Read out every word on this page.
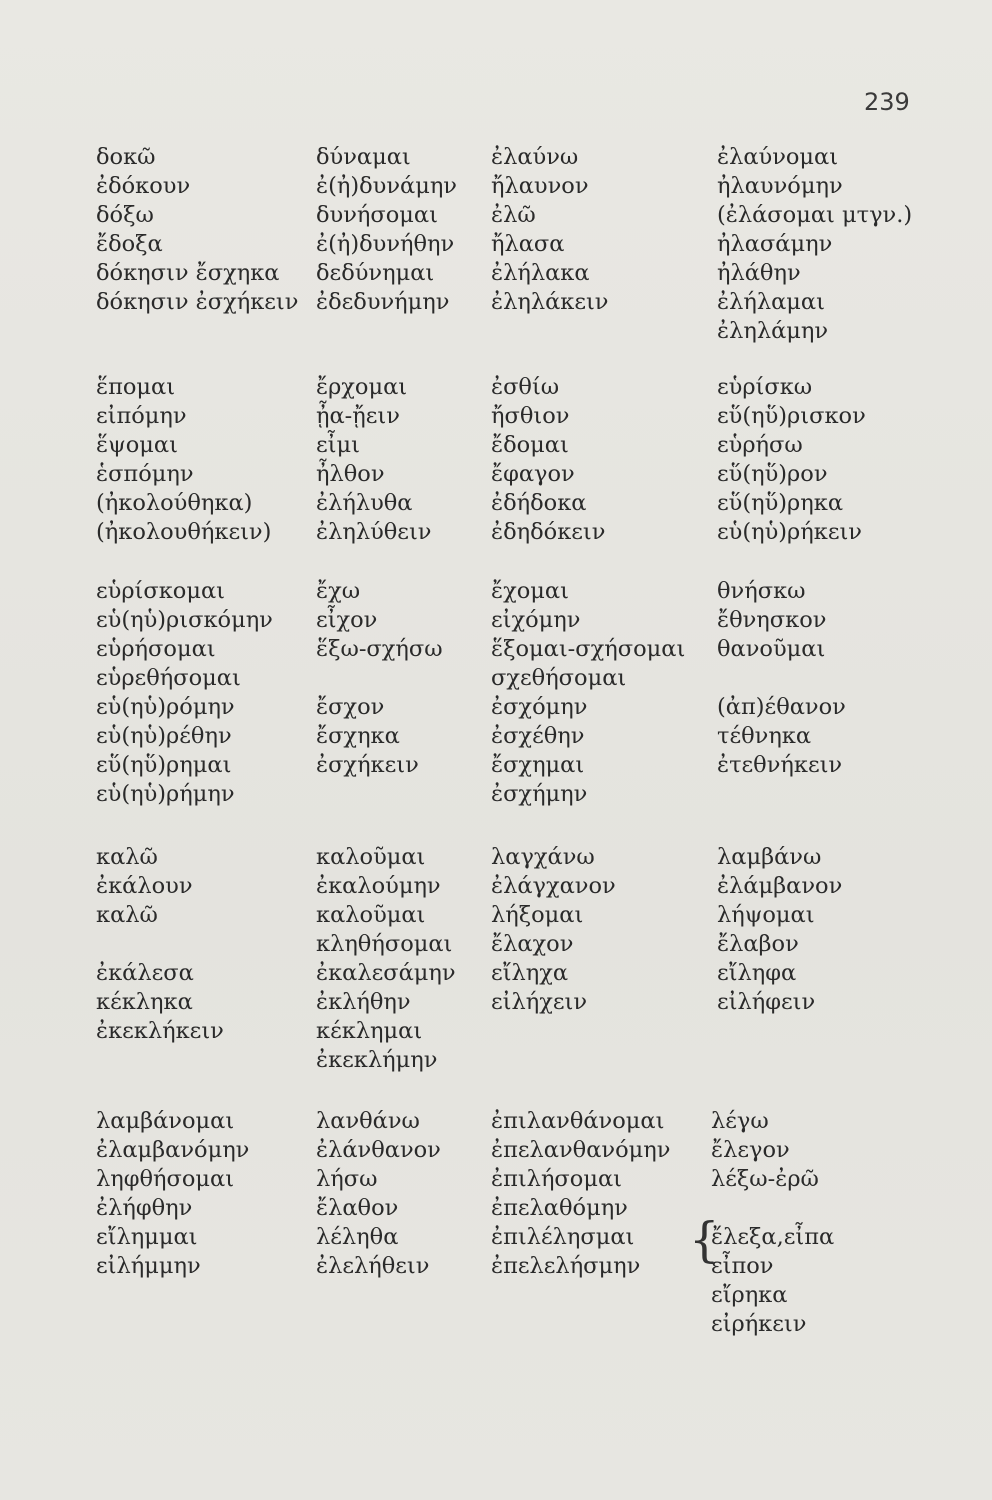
239
δοκῶ
ἐδόκουν
δόξω
ἔδοξα
δόκησιν ἔσχηκα
δόκησιν ἐσχήκειν
δύναμαι
ἐ(ἠ)δυνάμην
δυνήσομαι
ἐ(ἠ)δυνήθην
δεδύνημαι
ἐδεδυνήμην
ἐλαύνω
ἤλαυνον
ἐλῶ
ἤλασα
ἐλήλακα
ἐληλάκειν
ἐλαύνομαι
ἠλαυνόμην
(ἐλάσομαι μτγν.)
ἠλασάμην
ἠλάθην
ἐλήλαμαι
ἐληλάμην
ἕπομαι
εἰπόμην
ἕψομαι
ἑσπόμην
(ἠκολούθηκα)
(ἠκολουθήκειν)
ἔρχομαι
ᾖα-ᾔειν
εἶμι
ἦλθον
ἐλήλυθα
ἐληλύθειν
ἐσθίω
ἤσθιον
ἔδομαι
ἔφαγον
ἐδήδοκα
ἐδηδόκειν
εὑρίσκω
εὕ(ηὕ)ρισκον
εὑρήσω
εὕ(ηὕ)ρον
εὕ(ηὕ)ρηκα
εὑ(ηὑ)ρήκειν
εὑρίσκομαι
εὑ(ηὑ)ρισκόμην
εὑρήσομαι
εὑρεθήσομαι
εὑ(ηὑ)ρόμην
εὑ(ηὑ)ρέθην
εὕ(ηὕ)ρημαι
εὑ(ηὑ)ρήμην
ἔχω
εἶχον
ἕξω-σχήσω
ἔσχον
ἔσχηκα
ἐσχήκειν
ἔχομαι
εἰχόμην
ἕξομαι-σχήσομαι
σχεθήσομαι
ἐσχόμην
ἐσχέθην
ἔσχημαι
ἐσχήμην
θνήσκω
ἔθνησκον
θανοῦμαι
(ἀπ)έθανον
τέθνηκα
ἐτεθνήκειν
καλῶ
ἐκάλουν
καλῶ
ἐκάλεσα
κέκληκα
ἐκεκλήκειν
καλοῦμαι
ἐκαλούμην
καλοῦμαι
κληθήσομαι
ἐκαλεσάμην
ἐκλήθην
κέκλημαι
ἐκεκλήμην
λαγχάνω
ἐλάγχανον
λήξομαι
ἔλαχον
εἴληχα
εἰλήχειν
λαμβάνω
ἐλάμβανον
λήψομαι
ἔλαβον
εἴληφα
εἰλήφειν
λαμβάνομαι
ἐλαμβανόμην
ληφθήσομαι
ἐλήφθην
εἴλημμαι
εἰλήμμην
λανθάνω
ἐλάνθανον
λήσω
ἔλαθον
λέληθα
ἐλελήθειν
ἐπιλανθάνομαι
ἐπελανθανόμην
ἐπιλήσομαι
ἐπελαθόμην
ἐπιλέλησμαι
ἐπελελήσμην
λέγω
ἔλεγον
λέξω-ἐρῶ
ἔλεξα,εἶπα
εἶπον
εἴρηκα
εἰρήκειν
{
